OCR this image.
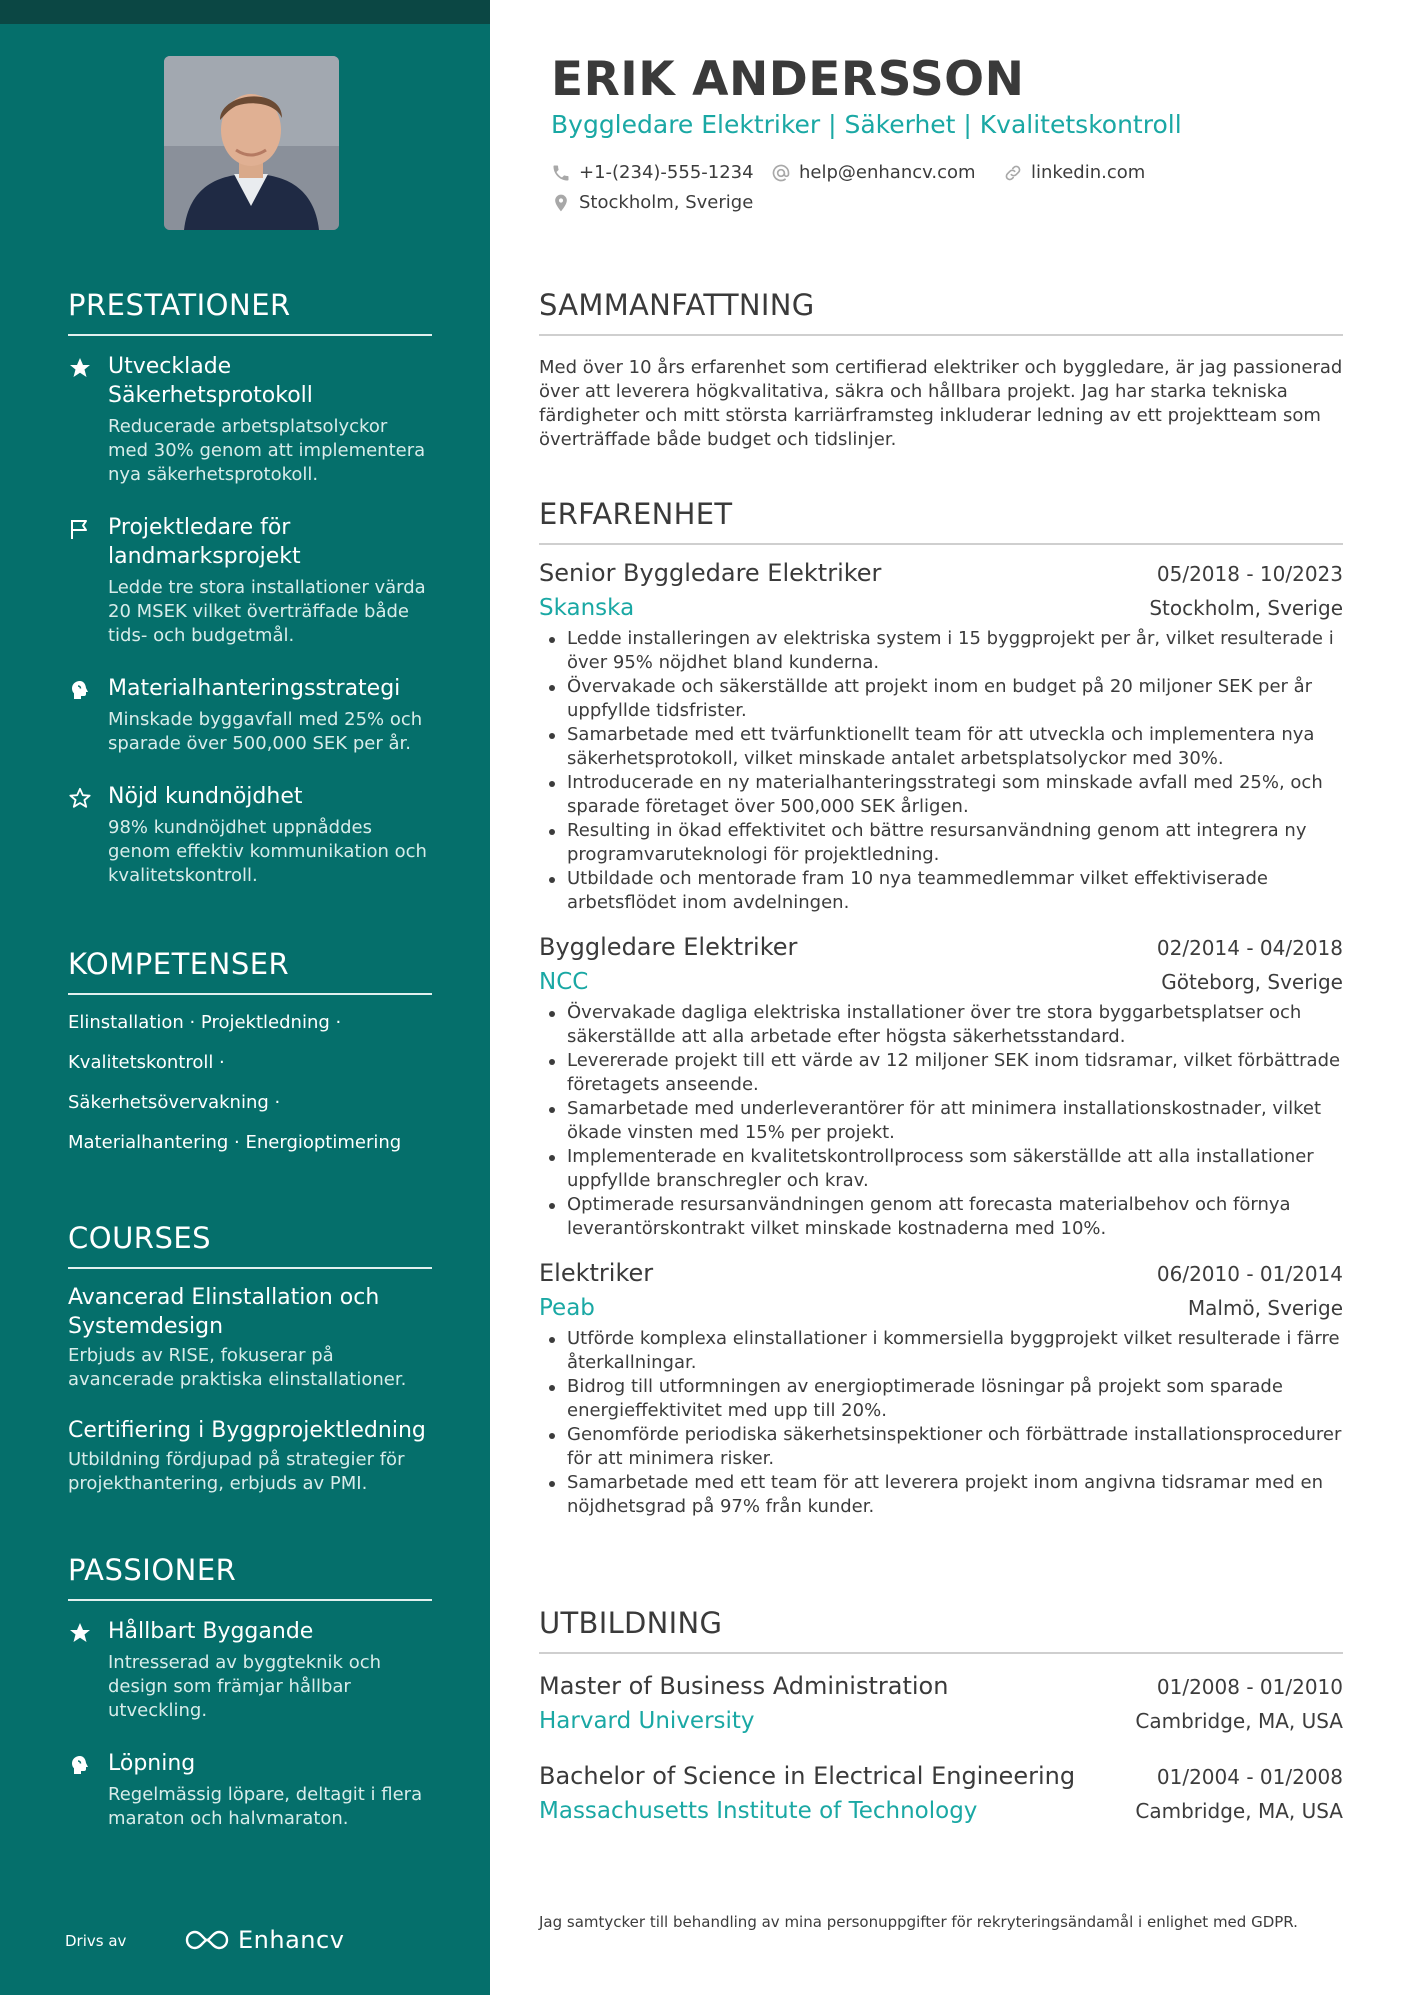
PRESTATIONER
Utvecklade Säkerhetsprotokoll
Reducerade arbetsplatsolyckor med 30% genom att implementera nya säkerhetsprotokoll.
Projektledare för landmarksprojekt
Ledde tre stora installationer värda 20 MSEK vilket överträffade både tids- och budgetmål.
Materialhanteringsstrategi
Minskade byggavfall med 25% och sparade över 500,000 SEK per år.
Nöjd kundnöjdhet
98% kundnöjdhet uppnåddes genom effektiv kommunikation och kvalitetskontroll.
KOMPETENSER
Elinstallation · Projektledning ·
Kvalitetskontroll ·
Säkerhetsövervakning ·
Materialhantering · Energioptimering
COURSES
Avancerad Elinstallation och Systemdesign
Erbjuds av RISE, fokuserar på avancerade praktiska elinstallationer.
Certifiering i Byggprojektledning
Utbildning fördjupad på strategier för projekthantering, erbjuds av PMI.
PASSIONER
Hållbart Byggande
Intresserad av byggteknik och design som främjar hållbar utveckling.
Löpning
Regelmässig löpare, deltagit i flera maraton och halvmaraton.
Drivs av	Enhancv
ERIK ANDERSSON
Byggledare Elektriker | Säkerhet | Kvalitetskontroll
+1-(234)-555-1234	help@enhancv.com	linkedin.com
Stockholm, Sverige
SAMMANFATTNING
Med över 10 års erfarenhet som certifierad elektriker och byggledare, är jag passionerad över att leverera högkvalitativa, säkra och hållbara projekt. Jag har starka tekniska färdigheter och mitt största karriärframsteg inkluderar ledning av ett projektteam som överträffade både budget och tidslinjer.
ERFARENHET
Senior Byggledare Elektriker	05/2018 - 10/2023
Skanska	Stockholm, Sverige
Ledde installeringen av elektriska system i 15 byggprojekt per år, vilket resulterade i över 95% nöjdhet bland kunderna.
Övervakade och säkerställde att projekt inom en budget på 20 miljoner SEK per år uppfyllde tidsfrister.
Samarbetade med ett tvärfunktionellt team för att utveckla och implementera nya säkerhetsprotokoll, vilket minskade antalet arbetsplatsolyckor med 30%.
Introducerade en ny materialhanteringsstrategi som minskade avfall med 25%, och sparade företaget över 500,000 SEK årligen.
Resulting in ökad effektivitet och bättre resursanvändning genom att integrera ny programvaruteknologi för projektledning.
Utbildade och mentorade fram 10 nya teammedlemmar vilket effektiviserade arbetsflödet inom avdelningen.
Byggledare Elektriker	02/2014 - 04/2018
NCC	Göteborg, Sverige
Övervakade dagliga elektriska installationer över tre stora byggarbetsplatser och säkerställde att alla arbetade efter högsta säkerhetsstandard.
Levererade projekt till ett värde av 12 miljoner SEK inom tidsramar, vilket förbättrade företagets anseende.
Samarbetade med underleverantörer för att minimera installationskostnader, vilket ökade vinsten med 15% per projekt.
Implementerade en kvalitetskontrollprocess som säkerställde att alla installationer uppfyllde branschregler och krav.
Optimerade resursanvändningen genom att forecasta materialbehov och förnya leverantörskontrakt vilket minskade kostnaderna med 10%.
Elektriker	06/2010 - 01/2014
Peab	Malmö, Sverige
Utförde komplexa elinstallationer i kommersiella byggprojekt vilket resulterade i färre återkallningar.
Bidrog till utformningen av energioptimerade lösningar på projekt som sparade energieffektivitet med upp till 20%.
Genomförde periodiska säkerhetsinspektioner och förbättrade installationsprocedurer för att minimera risker.
Samarbetade med ett team för att leverera projekt inom angivna tidsramar med en nöjdhetsgrad på 97% från kunder.
UTBILDNING
Master of Business Administration	01/2008 - 01/2010
Harvard University	Cambridge, MA, USA
Bachelor of Science in Electrical Engineering	01/2004 - 01/2008
Massachusetts Institute of Technology	Cambridge, MA, USA
Jag samtycker till behandling av mina personuppgifter för rekryteringsändamål i enlighet med GDPR.
